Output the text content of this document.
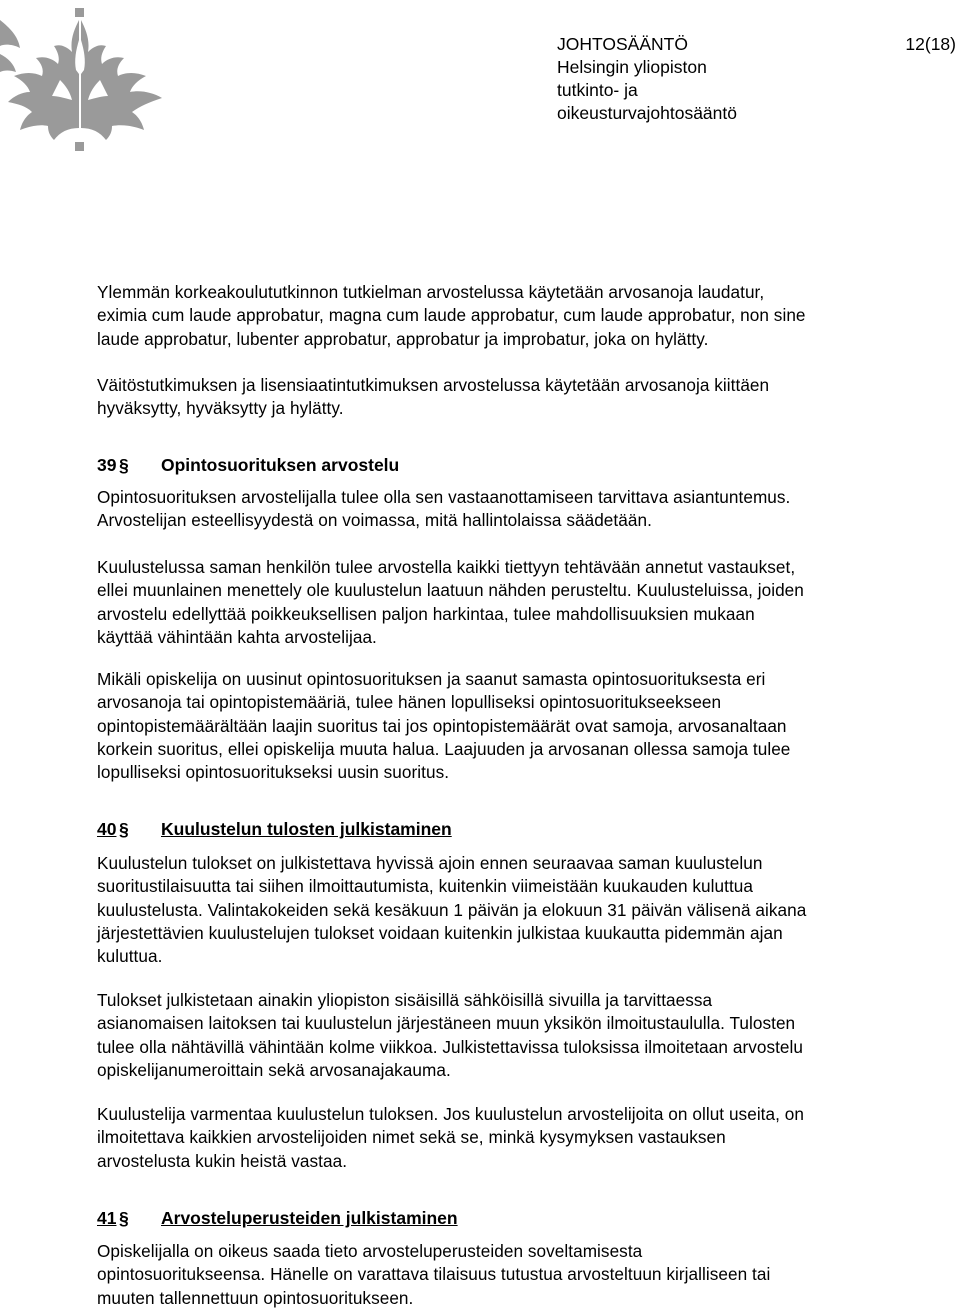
JOHTOSÄÄNTÖ	12(18)

Helsingin yliopiston

tutkinto- ja

oikeusturvajohtosääntö

Ylemmän korkeakoulututkinnon tutkielman arvostelussa käytetään arvosanoja laudatur,
eximia cum laude approbatur, magna cum laude approbatur, cum laude approbatur, non sine
laude approbatur, lubenter approbatur, approbatur ja improbatur, joka on hylätty.

Väitöstutkimuksen ja lisensiaatintutkimuksen arvostelussa käytetään arvosanoja kiittäen
hyväksytty, hyväksytty ja hylätty.

39 § Opintosuorituksen arvostelu

Opintosuorituksen arvostelijalla tulee olla sen vastaanottamiseen tarvittava asiantuntemus.
Arvostelijan esteellisyydestä on voimassa, mitä hallintolaissa säädetään.

Kuulustelussa saman henkilön tulee arvostella kaikki tiettyyn tehtävään annetut vastaukset,
ellei muunlainen menettely ole kuulustelun laatuun nähden perusteltu. Kuulusteluissa, joiden
arvostelu edellyttää poikkeuksellisen paljon harkintaa, tulee mahdollisuuksien mukaan
käyttää vähintään kahta arvostelijaa.

Mikäli opiskelija on uusinut opintosuorituksen ja saanut samasta opintosuorituksesta eri
arvosanoja tai opintopistemääriä, tulee hänen lopulliseksi opintosuoritukseekseen
opintopistemäärältään laajin suoritus tai jos opintopistemäärät ovat samoja, arvosanaltaan
korkein suoritus, ellei opiskelija muuta halua. Laajuuden ja arvosanan ollessa samoja tulee
lopulliseksi opintosuoritukseksi uusin suoritus.

40 § Kuulustelun tulosten julkistaminen

Kuulustelun tulokset on julkistettava hyvissä ajoin ennen seuraavaa saman kuulustelun
suoritustilaisuutta tai siihen ilmoittautumista, kuitenkin viimeistään kuukauden kuluttua
kuulustelusta. Valintakokeiden sekä kesäkuun 1 päivän ja elokuun 31 päivän välisenä aikana
järjestettävien kuulustelujen tulokset voidaan kuitenkin julkistaa kuukautta pidemmän ajan
kuluttua.

Tulokset julkistetaan ainakin yliopiston sisäisillä sähköisillä sivuilla ja tarvittaessa
asianomaisen laitoksen tai kuulustelun järjestäneen muun yksikön ilmoitustaululla. Tulosten
tulee olla nähtävillä vähintään kolme viikkoa. Julkistettavissa tuloksissa ilmoitetaan arvostelu
opiskelijanumeroittain sekä arvosanajakauma.

Kuulustelija varmentaa kuulustelun tuloksen. Jos kuulustelun arvostelijoita on ollut useita, on
ilmoitettava kaikkien arvostelijoiden nimet sekä se, minkä kysymyksen vastauksen
arvostelusta kukin heistä vastaa.

41 § Arvosteluperusteiden julkistaminen

Opiskelijalla on oikeus saada tieto arvosteluperusteiden soveltamisesta
opintosuoritukseensa. Hänelle on varattava tilaisuus tutustua arvosteltuun kirjalliseen tai
muuten tallennettuun opintosuoritukseen.
